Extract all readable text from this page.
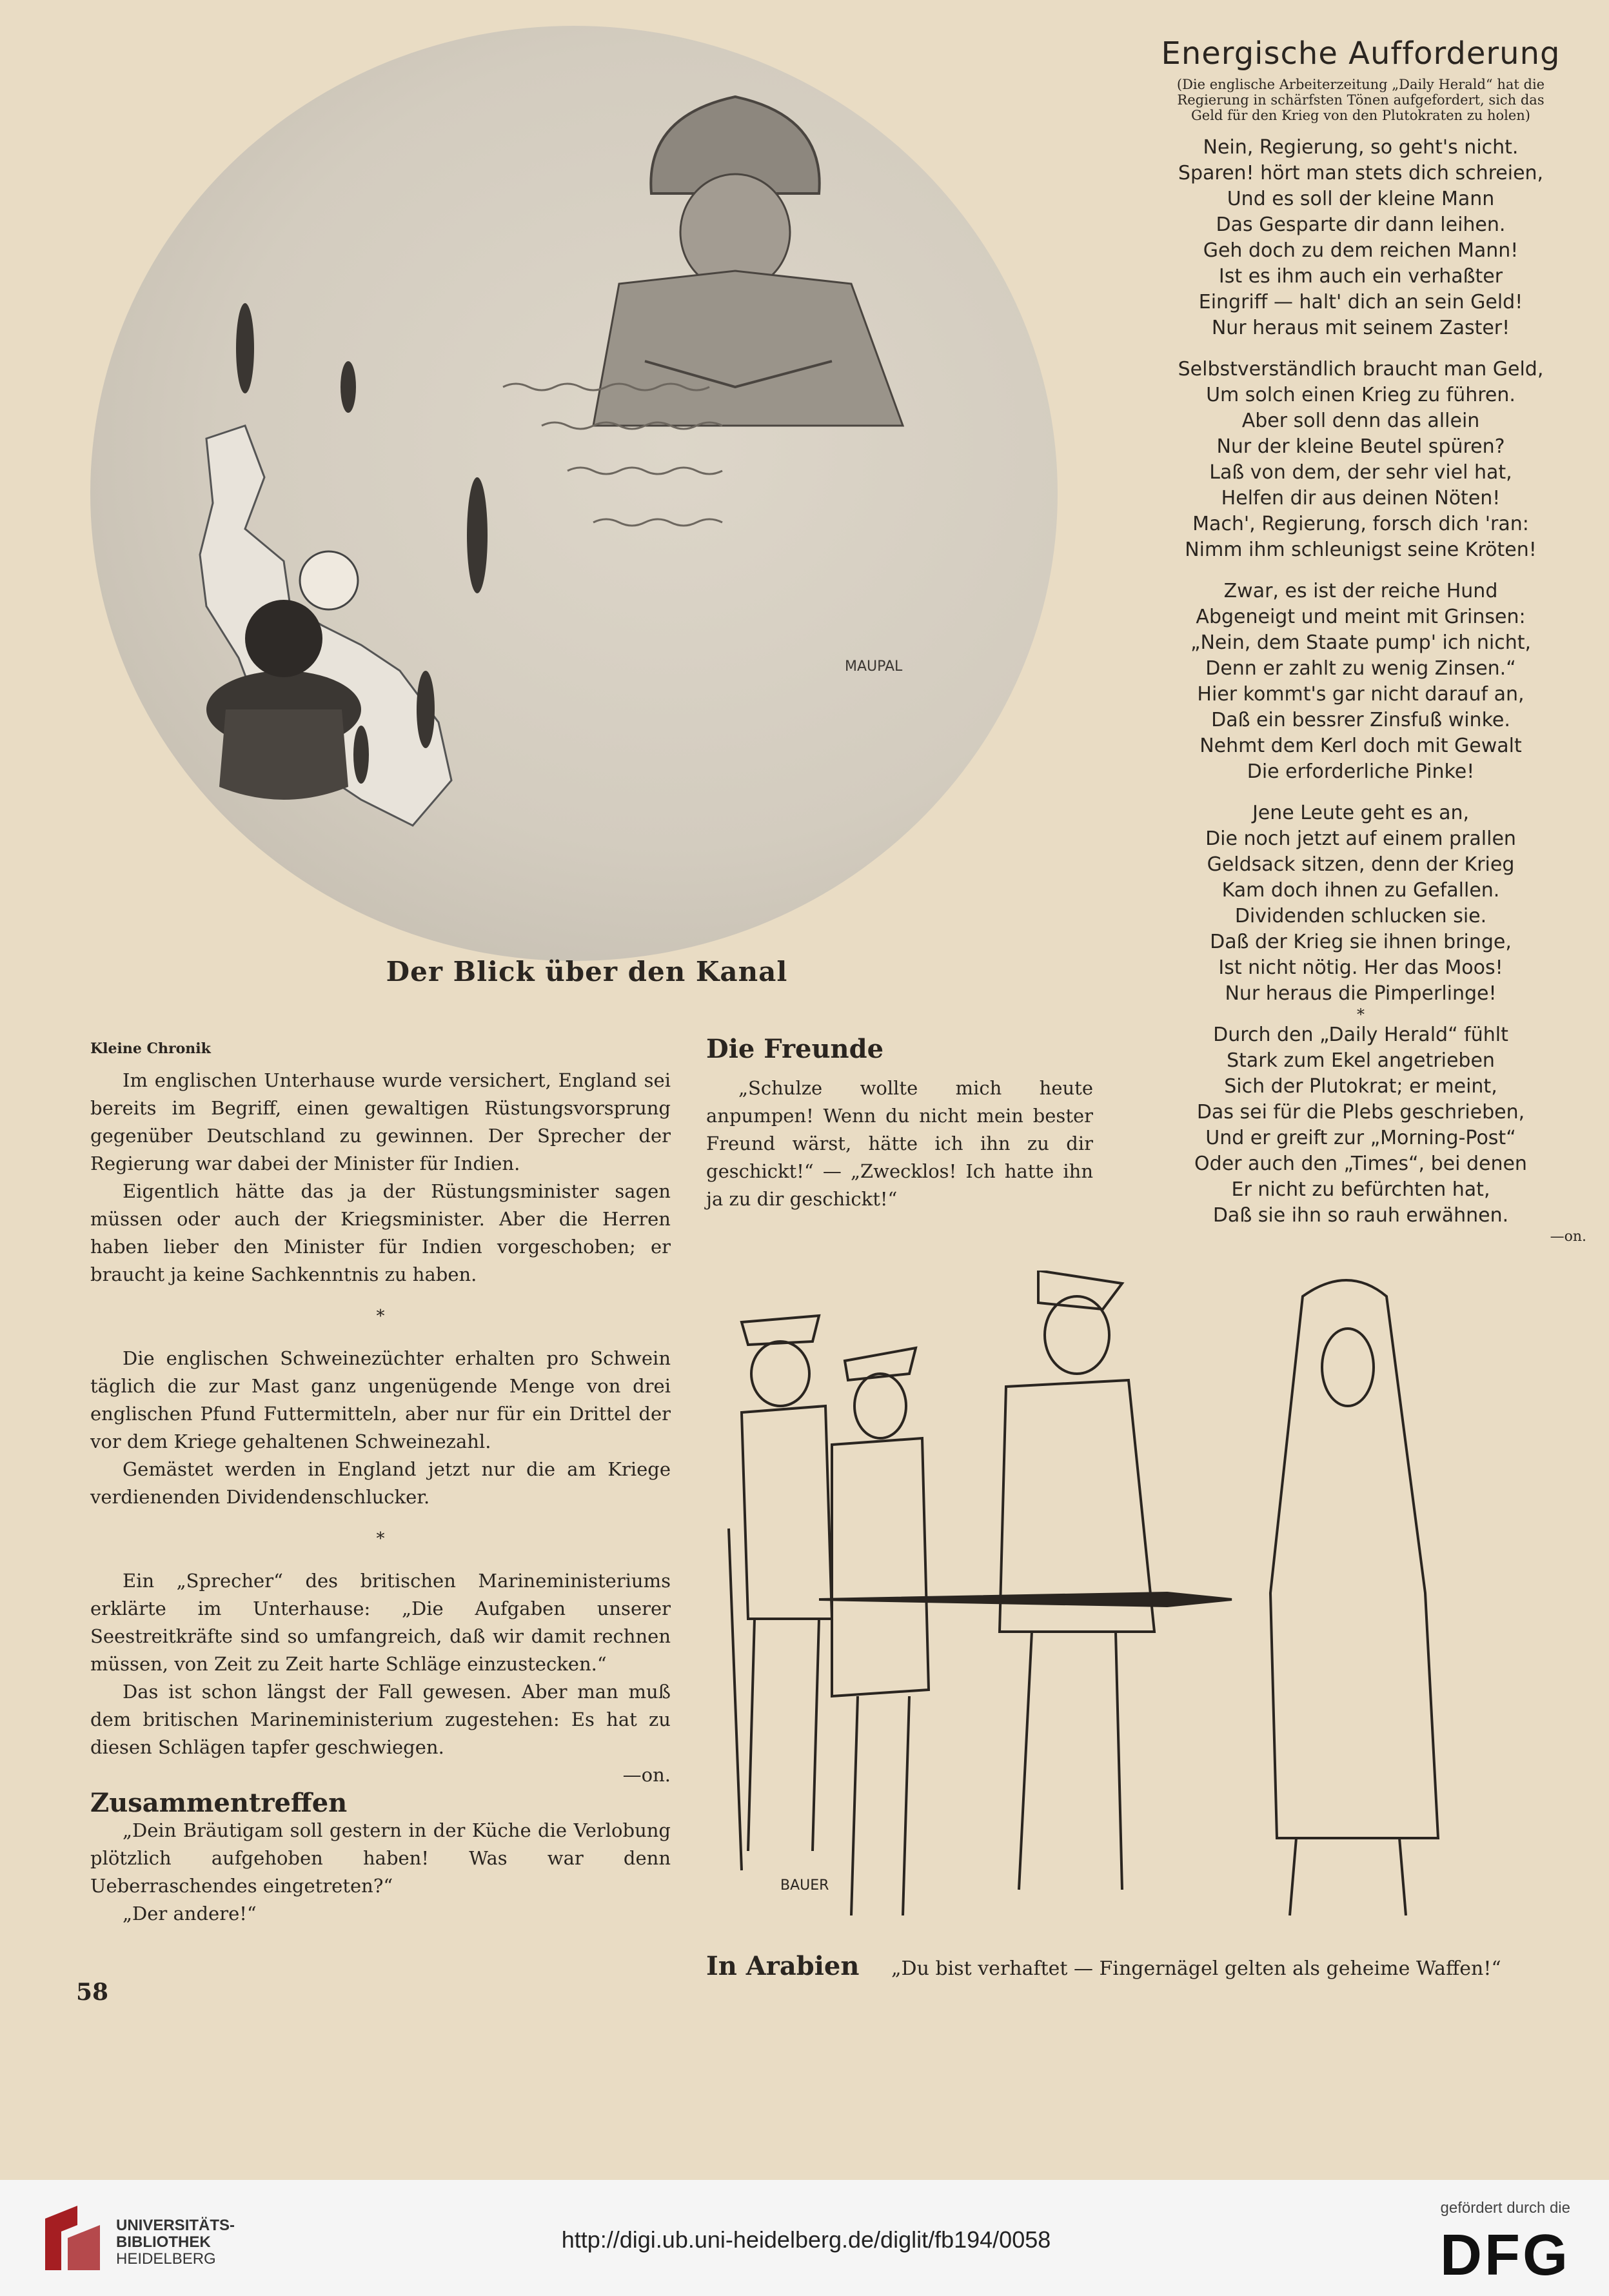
MAUPAL
Der Blick über den Kanal
Energische Aufforderung
(Die englische Arbeiterzeitung „Daily Herald“ hat die
Regierung in schärfsten Tönen aufgefordert, sich das
Geld für den Krieg von den Plutokraten zu holen)
Nein, Regierung, so geht's nicht.
Sparen! hört man stets dich schreien,
Und es soll der kleine Mann
Das Gesparte dir dann leihen.
Geh doch zu dem reichen Mann!
Ist es ihm auch ein verhaßter
Eingriff — halt' dich an sein Geld!
Nur heraus mit seinem Zaster!
Selbstverständlich braucht man Geld,
Um solch einen Krieg zu führen.
Aber soll denn das allein
Nur der kleine Beutel spüren?
Laß von dem, der sehr viel hat,
Helfen dir aus deinen Nöten!
Mach', Regierung, forsch dich 'ran:
Nimm ihm schleunigst seine Kröten!
Zwar, es ist der reiche Hund
Abgeneigt und meint mit Grinsen:
„Nein, dem Staate pump' ich nicht,
Denn er zahlt zu wenig Zinsen.“
Hier kommt's gar nicht darauf an,
Daß ein bessrer Zinsfuß winke.
Nehmt dem Kerl doch mit Gewalt
Die erforderliche Pinke!
Jene Leute geht es an,
Die noch jetzt auf einem prallen
Geldsack sitzen, denn der Krieg
Kam doch ihnen zu Gefallen.
Dividenden schlucken sie.
Daß der Krieg sie ihnen bringe,
Ist nicht nötig. Her das Moos!
Nur heraus die Pimperlinge!
*
Durch den „Daily Herald“ fühlt
Stark zum Ekel angetrieben
Sich der Plutokrat; er meint,
Das sei für die Plebs geschrieben,
Und er greift zur „Morning-Post“
Oder auch den „Times“, bei denen
Er nicht zu befürchten hat,
Daß sie ihn so rauh erwähnen.
—on.

Kleine Chronik

Im englischen Unterhause wurde versichert, England sei bereits im Begriff, einen gewaltigen Rüstungsvorsprung gegenüber Deutschland zu gewinnen. Der Sprecher der Regierung war dabei der Minister für Indien.

Eigentlich hätte das ja der Rüstungsminister sagen müssen oder auch der Kriegsminister. Aber die Herren haben lieber den Minister für Indien vorgeschoben; er braucht ja keine Sachkenntnis zu haben.

*

Die englischen Schweinezüchter erhalten pro Schwein täglich die zur Mast ganz ungenügende Menge von drei englischen Pfund Futtermitteln, aber nur für ein Drittel der vor dem Kriege gehaltenen Schweinezahl.

Gemästet werden in England jetzt nur die am Kriege verdienenden Dividendenschlucker.

*

Ein „Sprecher“ des britischen Marineministeriums erklärte im Unterhause: „Die Aufgaben unserer Seestreitkräfte sind so umfangreich, daß wir damit rechnen müssen, von Zeit zu Zeit harte Schläge einzustecken.“

Das ist schon längst der Fall gewesen. Aber man muß dem britischen Marineministerium zugestehen: Es hat zu diesen Schlägen tapfer geschwiegen.

—on.

Zusammentreffen

„Dein Bräutigam soll gestern in der Küche die Verlobung plötzlich aufgehoben haben! Was war denn Ueberraschendes eingetreten?“

„Der andere!“

Die Freunde

„Schulze wollte mich heute anpumpen! Wenn du nicht mein bester Freund wärst, hätte ich ihn zu dir geschickt!“ — „Zwecklos! Ich hatte ihn ja zu dir geschickt!“

BAUER
In Arabien „Du bist verhaftet — Fingernägel gelten als geheime Waffen!“
58
UNIVERSITÄTS-
BIBLIOTHEK
HEIDELBERG
http://digi.ub.uni-heidelberg.de/diglit/fb194/0058
gefördert durch die
DFG
